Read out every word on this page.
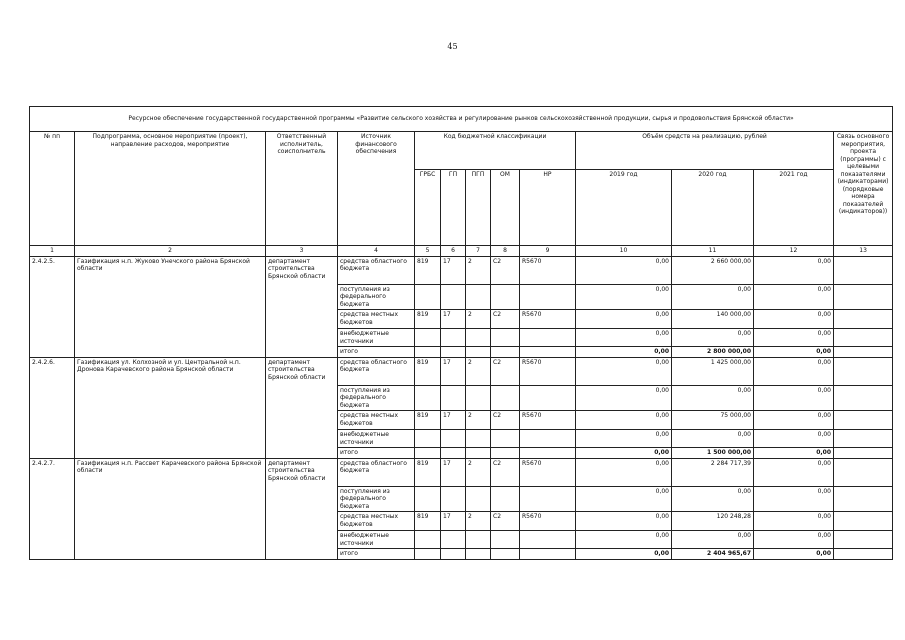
45
Ресурсное обеспечение государственной государственной программы «Развитие сельского хозяйства и регулирование рынков сельскохозяйственной продукции, сырья и продовольствия Брянской области»												
№ пп	Подпрограмма, основное мероприятие (проект), направление расходов, мероприятие	Ответственный исполнитель, соисполнитель	Источник финансового обеспечения	Код бюджетной классификации					Объём средств на реализацию, рублей			Связь основного мероприятия, проекта (программы) с целевыми показателями (индикаторами) (порядковые номера показателей (индикаторов))
				ГРБС	ГП	ПГП	ОМ	НР	2019 год	2020 год	2021 год	
1	2	3	4	5	6	7	8	9	10	11	12	13
2.4.2.5.	Газификация н.п. Жуково Унечского района Брянской области	департамент строительства Брянской области	средства областного бюджета	819	17	2	С2	R5670	0,00	2 660 000,00	0,00	
			поступления из федерального бюджета						0,00	0,00	0,00	
			средства местных бюджетов	819	17	2	С2	R5670	0,00	140 000,00	0,00	
			внебюджетные источники						0,00	0,00	0,00	
			итого						0,00	2 800 000,00	0,00	
2.4.2.6.	Газификация ул. Колхозной и ул. Центральной н.п. Дронова Карачевского района Брянской области	департамент строительства Брянской области	средства областного бюджета	819	17	2	С2	R5670	0,00	1 425 000,00	0,00	
			поступления из федерального бюджета						0,00	0,00	0,00	
			средства местных бюджетов	819	17	2	С2	R5670	0,00	75 000,00	0,00	
			внебюджетные источники						0,00	0,00	0,00	
			итого						0,00	1 500 000,00	0,00	
2.4.2.7.	Газификация н.п. Рассвет Карачевского района Брянской области	департамент строительства Брянской области	средства областного бюджета	819	17	2	С2	R5670	0,00	2 284 717,39	0,00	
			поступления из федерального бюджета						0,00	0,00	0,00	
			средства местных бюджетов	819	17	2	С2	R5670	0,00	120 248,28	0,00	
			внебюджетные источники						0,00	0,00	0,00	
			итого						0,00	2 404 965,67	0,00	
